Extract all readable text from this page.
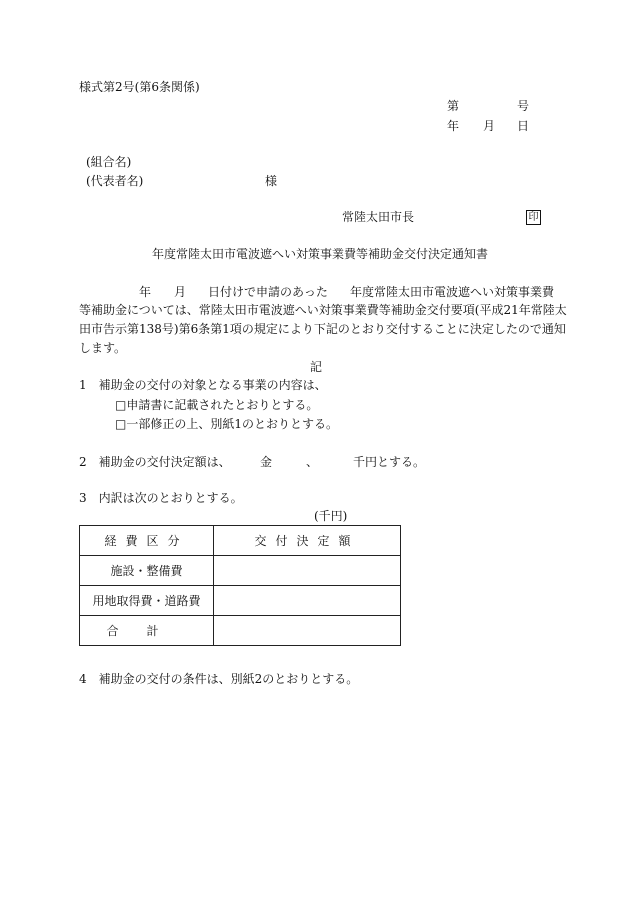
様式第2号(第6条関係)
第	号
年 月 日
(組合名)
(代表者名)	様
常陸太田市長	印
年度常陸太田市電波遮へい対策事業費等補助金交付決定通知書
年 月 日付けで申請のあった 年度常陸太田市電波遮へい対策事業費
等補助金については、常陸太田市電波遮へい対策事業費等補助金交付要項(平成21年常陸太
田市告示第138号)第6条第1項の規定により下記のとおり交付することに決定したので通知
します。
記
1　補助金の交付の対象となる事業の内容は、
□申請書に記載されたとおりとする。
□一部修正の上、別紙1のとおりとする。
2　補助金の交付決定額は、 金	、	千円とする。
3　内訳は次のとおりとする。
(千円)
経費区分	交付決定額
施設・整備費	
用地取得費・道路費	
合計	
4　補助金の交付の条件は、別紙2のとおりとする。
